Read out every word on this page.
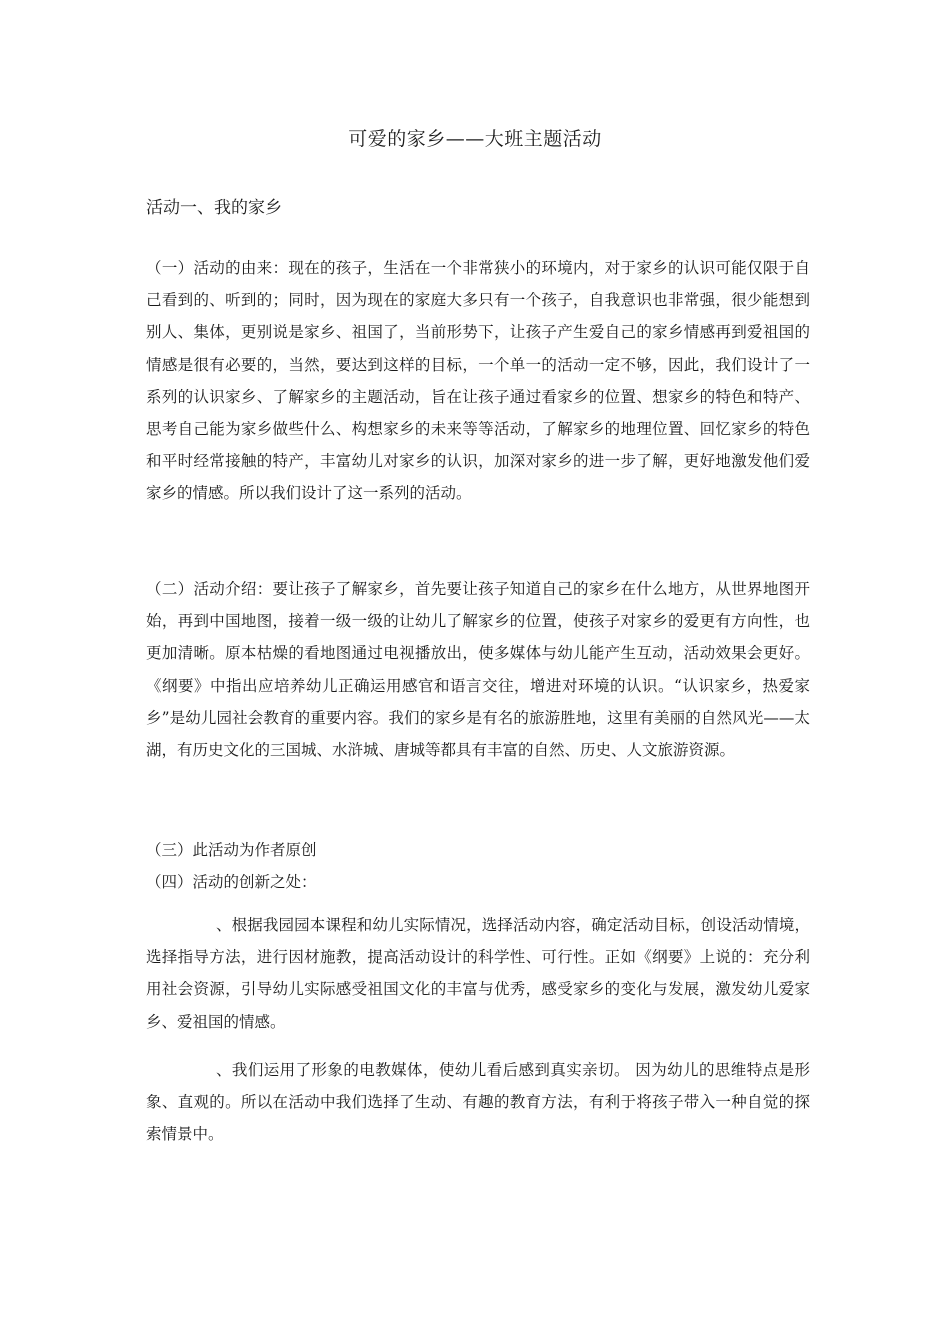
可爱的家乡——大班主题活动
活动一、我的家乡
（一）活动的由来：现在的孩子，生活在一个非常狭小的环境内，对于家乡的认识可能仅限于自己看到的、听到的；同时，因为现在的家庭大多只有一个孩子，自我意识也非常强，很少能想到别人、集体，更别说是家乡、祖国了，当前形势下，让孩子产生爱自己的家乡情感再到爱祖国的情感是很有必要的，当然，要达到这样的目标，一个单一的活动一定不够，因此，我们设计了一系列的认识家乡、了解家乡的主题活动，旨在让孩子通过看家乡的位置、想家乡的特色和特产、思考自己能为家乡做些什么、构想家乡的未来等等活动，了解家乡的地理位置、回忆家乡的特色和平时经常接触的特产，丰富幼儿对家乡的认识，加深对家乡的进一步了解，更好地激发他们爱家乡的情感。所以我们设计了这一系列的活动。
（二）活动介绍：要让孩子了解家乡，首先要让孩子知道自己的家乡在什么地方，从世界地图开始，再到中国地图，接着一级一级的让幼儿了解家乡的位置，使孩子对家乡的爱更有方向性，也更加清晰。原本枯燥的看地图通过电视播放出，使多媒体与幼儿能产生互动，活动效果会更好。《纲要》中指出应培养幼儿正确运用感官和语言交往，增进对环境的认识。“认识家乡，热爱家乡”是幼儿园社会教育的重要内容。我们的家乡是有名的旅游胜地，这里有美丽的自然风光——太湖，有历史文化的三国城、水浒城、唐城等都具有丰富的自然、历史、人文旅游资源。
（三）此活动为作者原创
（四）活动的创新之处：
、根据我园园本课程和幼儿实际情况，选择活动内容，确定活动目标，创设活动情境，选择指导方法，进行因材施教，提高活动设计的科学性、可行性。正如《纲要》上说的：充分利用社会资源，引导幼儿实际感受祖国文化的丰富与优秀，感受家乡的变化与发展，激发幼儿爱家乡、爱祖国的情感。
、我们运用了形象的电教媒体，使幼儿看后感到真实亲切。 因为幼儿的思维特点是形象、直观的。所以在活动中我们选择了生动、有趣的教育方法，有利于将孩子带入一种自觉的探索情景中。
